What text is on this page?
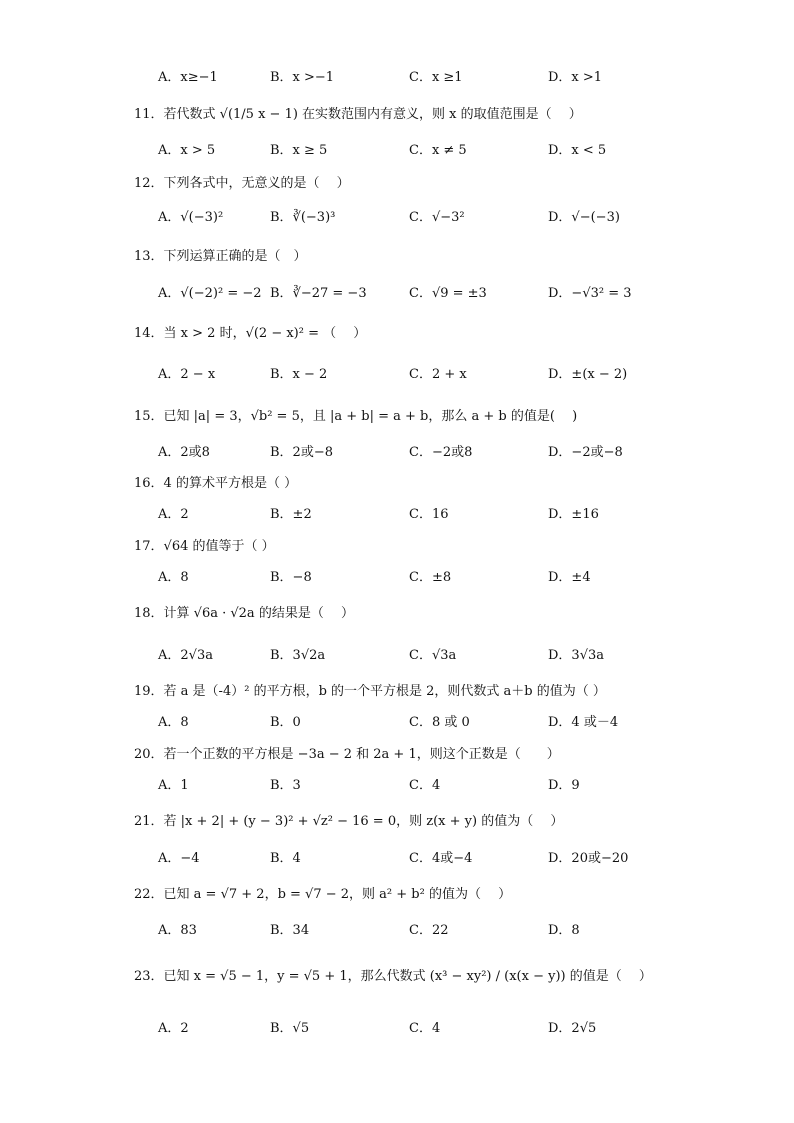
A．x≥−1	B．x >−1	C．x ≥1	D．x >1
11．若代数式 √(1/5 x − 1) 在实数范围内有意义，则 x 的取值范围是（　 ）
A．x > 5	B．x ≥ 5	C．x ≠ 5	D．x < 5
12．下列各式中，无意义的是（　 ）
A．√(−3)²	B．∛(−3)³	C．√−3²	D．√−(−3)
13．下列运算正确的是（　）
A．√(−2)² = −2 B．∛−27 = −3	C．√9 = ±3	D．−√3² = 3
14．当 x > 2 时，√(2 − x)² = （　 ）
A．2 − x	B．x − 2	C．2 + x	D．±(x − 2)
15．已知 |a| = 3，√b² = 5，且 |a + b| = a + b，那么 a + b 的值是(　 )
A．2或8	B．2或−8	C．−2或8	D．−2或−8
16．4 的算术平方根是（ ）
A．2	B．±2	C．16	D．±16
17．√64 的值等于（ ）
A．8	B．−8	C．±8	D．±4
18．计算 √6a · √2a 的结果是（　 ）
A．2√3a	B．3√2a	C．√3a	D．3√3a
19．若 a 是（-4）² 的平方根，b 的一个平方根是 2，则代数式 a＋b 的值为（ ）
A．8	B．0	C．8 或 0	D．4 或－4
20．若一个正数的平方根是 −3a − 2 和 2a + 1，则这个正数是（　　）
A．1	B．3	C．4	D．9
21．若 |x + 2| + (y − 3)² + √z² − 16 = 0，则 z(x + y) 的值为（　 ）
A．−4	B．4	C．4或−4	D．20或−20
22．已知 a = √7 + 2，b = √7 − 2，则 a² + b² 的值为（　 ）
A．83	B．34	C．22	D．8
23．已知 x = √5 − 1，y = √5 + 1，那么代数式 (x³ − xy²) / (x(x − y)) 的值是（　 ）
A．2	B．√5	C．4	D．2√5
